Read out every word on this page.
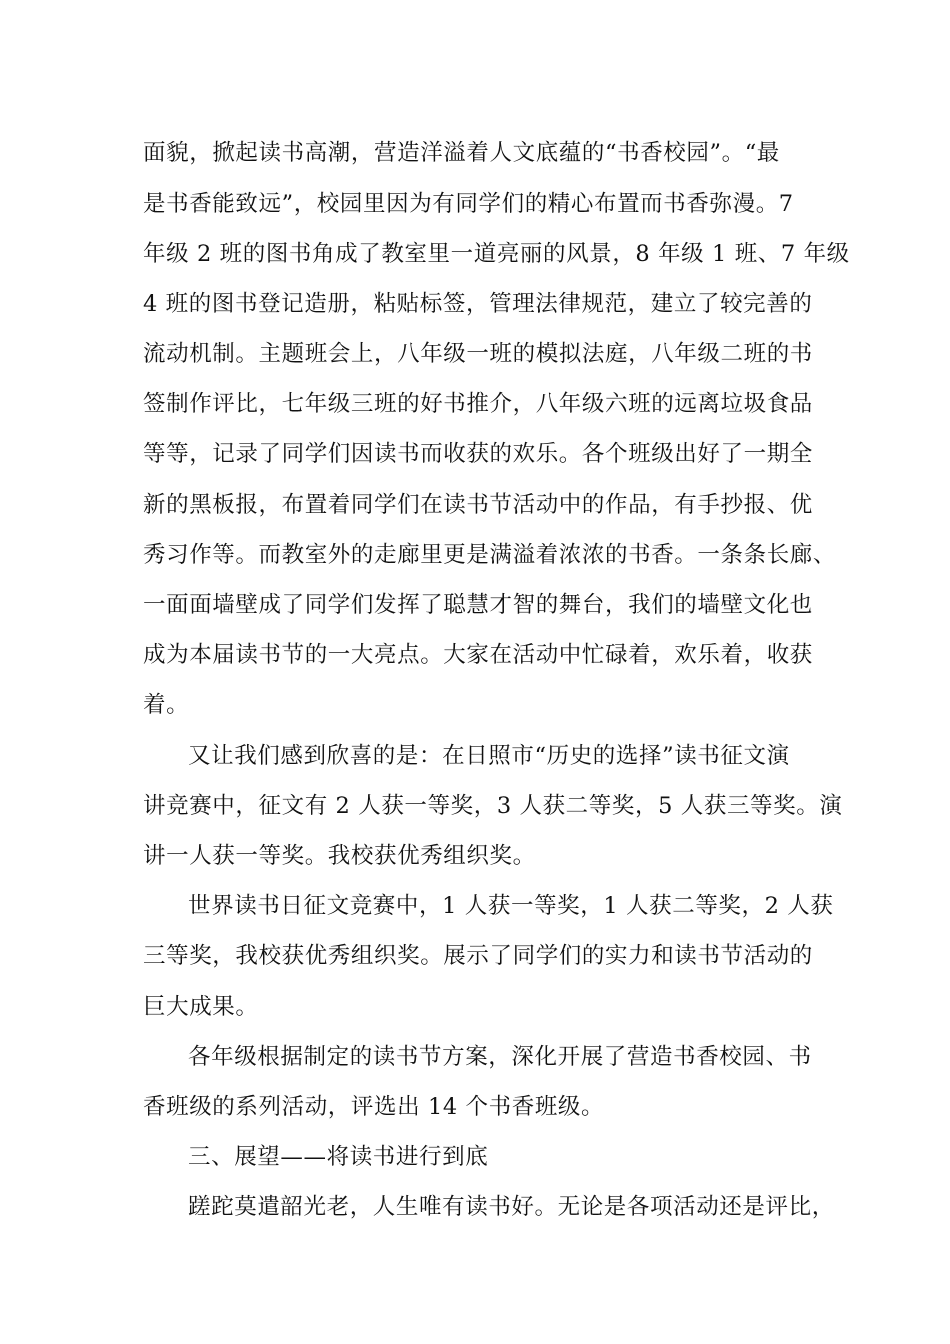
面貌，掀起读书高潮，营造洋溢着人文底蕴的“书香校园”。“最
是书香能致远”，校园里因为有同学们的精心布置而书香弥漫。7
年级 2 班的图书角成了教室里一道亮丽的风景，8 年级 1 班、7 年级
4 班的图书登记造册，粘贴标签，管理法律规范，建立了较完善的
流动机制。主题班会上，八年级一班的模拟法庭，八年级二班的书
签制作评比，七年级三班的好书推介，八年级六班的远离垃圾食品
等等，记录了同学们因读书而收获的欢乐。各个班级出好了一期全
新的黑板报，布置着同学们在读书节活动中的作品，有手抄报、优
秀习作等。而教室外的走廊里更是满溢着浓浓的书香。一条条长廊、
一面面墙壁成了同学们发挥了聪慧才智的舞台，我们的墙壁文化也
成为本届读书节的一大亮点。大家在活动中忙碌着，欢乐着，收获
着。
又让我们感到欣喜的是：在日照市“历史的选择”读书征文演
讲竞赛中，征文有 2 人获一等奖，3 人获二等奖，5 人获三等奖。演
讲一人获一等奖。我校获优秀组织奖。
世界读书日征文竞赛中，1 人获一等奖，1 人获二等奖，2 人获
三等奖，我校获优秀组织奖。展示了同学们的实力和读书节活动的
巨大成果。
各年级根据制定的读书节方案，深化开展了营造书香校园、书
香班级的系列活动，评选出 14 个书香班级。
三、展望——将读书进行到底
蹉跎莫遣韶光老，人生唯有读书好。无论是各项活动还是评比，
